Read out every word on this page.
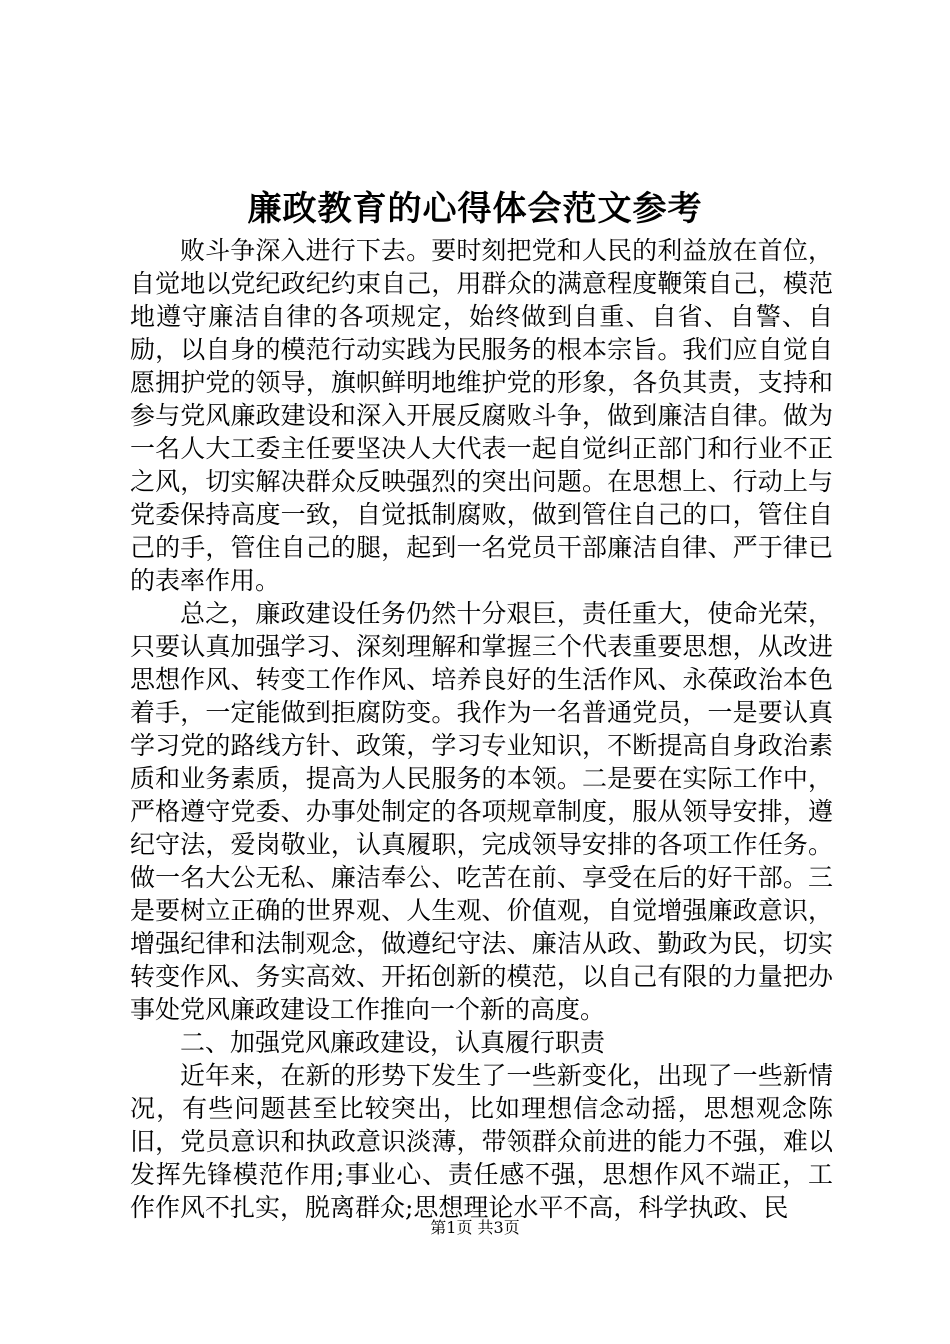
廉政教育的心得体会范文参考

败斗争深入进行下去。要时刻把党和人民的利益放在首位，自觉地以党纪政纪约束自己，用群众的满意程度鞭策自己，模范地遵守廉洁自律的各项规定，始终做到自重、自省、自警、自励，以自身的模范行动实践为民服务的根本宗旨。我们应自觉自愿拥护党的领导，旗帜鲜明地维护党的形象，各负其责，支持和参与党风廉政建设和深入开展反腐败斗争，做到廉洁自律。做为一名人大工委主任要坚决人大代表一起自觉纠正部门和行业不正之风，切实解决群众反映强烈的突出问题。在思想上、行动上与党委保持高度一致，自觉抵制腐败，做到管住自己的口，管住自己的手，管住自己的腿，起到一名党员干部廉洁自律、严于律已的表率作用。

总之，廉政建设任务仍然十分艰巨，责任重大，使命光荣，只要认真加强学习、深刻理解和掌握三个代表重要思想，从改进思想作风、转变工作作风、培养良好的生活作风、永葆政治本色着手，一定能做到拒腐防变。我作为一名普通党员，一是要认真学习党的路线方针、政策，学习专业知识，不断提高自身政治素质和业务素质，提高为人民服务的本领。二是要在实际工作中，严格遵守党委、办事处制定的各项规章制度，服从领导安排，遵纪守法，爱岗敬业，认真履职，完成领导安排的各项工作任务。做一名大公无私、廉洁奉公、吃苦在前、享受在后的好干部。三是要树立正确的世界观、人生观、价值观，自觉增强廉政意识，增强纪律和法制观念，做遵纪守法、廉洁从政、勤政为民，切实转变作风、务实高效、开拓创新的模范，以自己有限的力量把办事处党风廉政建设工作推向一个新的高度。

二、加强党风廉政建设，认真履行职责

近年来，在新的形势下发生了一些新变化，出现了一些新情况，有些问题甚至比较突出，比如理想信念动摇，思想观念陈旧，党员意识和执政意识淡薄，带领群众前进的能力不强，难以发挥先锋模范作用;事业心、责任感不强，思想作风不端正，工作作风不扎实，脱离群众;思想理论水平不高，科学执政、民

第1页 共3页
